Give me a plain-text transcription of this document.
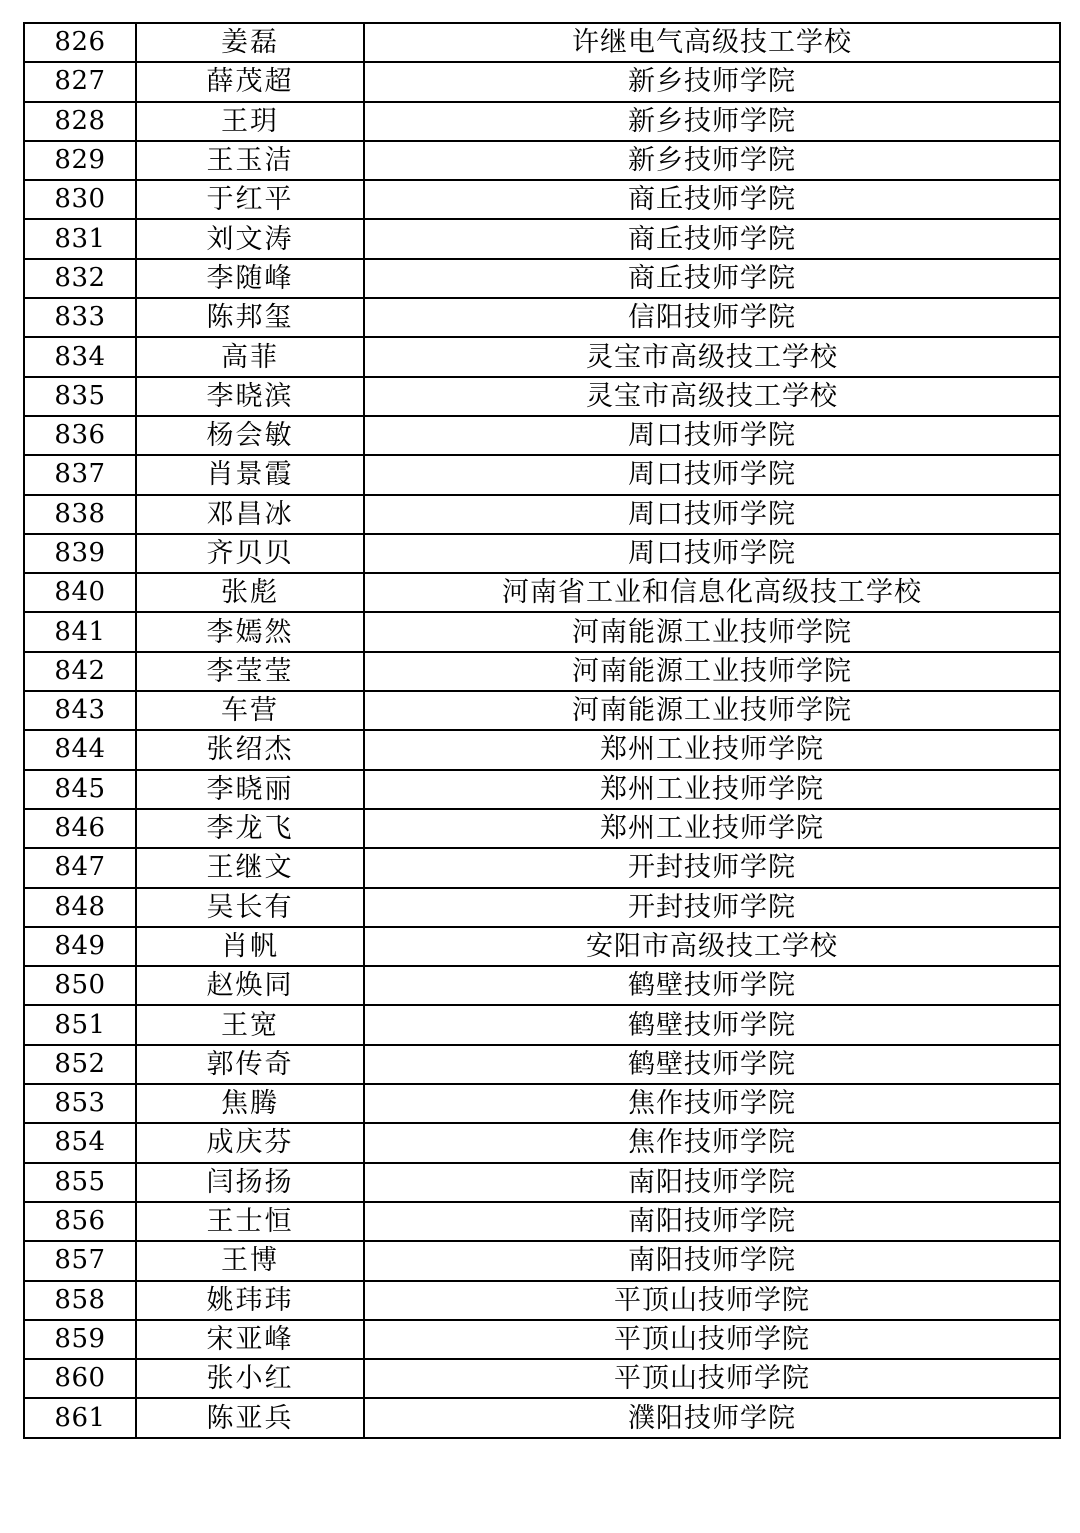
826	姜磊	许继电气高级技工学校
827	薛茂超	新乡技师学院
828	王玥	新乡技师学院
829	王玉洁	新乡技师学院
830	于红平	商丘技师学院
831	刘文涛	商丘技师学院
832	李随峰	商丘技师学院
833	陈邦玺	信阳技师学院
834	高菲	灵宝市高级技工学校
835	李晓滨	灵宝市高级技工学校
836	杨会敏	周口技师学院
837	肖景霞	周口技师学院
838	邓昌冰	周口技师学院
839	齐贝贝	周口技师学院
840	张彪	河南省工业和信息化高级技工学校
841	李嫣然	河南能源工业技师学院
842	李莹莹	河南能源工业技师学院
843	车营	河南能源工业技师学院
844	张绍杰	郑州工业技师学院
845	李晓丽	郑州工业技师学院
846	李龙飞	郑州工业技师学院
847	王继文	开封技师学院
848	吴长有	开封技师学院
849	肖帆	安阳市高级技工学校
850	赵焕同	鹤壁技师学院
851	王宽	鹤壁技师学院
852	郭传奇	鹤壁技师学院
853	焦腾	焦作技师学院
854	成庆芬	焦作技师学院
855	闫扬扬	南阳技师学院
856	王士恒	南阳技师学院
857	王博	南阳技师学院
858	姚玮玮	平顶山技师学院
859	宋亚峰	平顶山技师学院
860	张小红	平顶山技师学院
861	陈亚兵	濮阳技师学院
